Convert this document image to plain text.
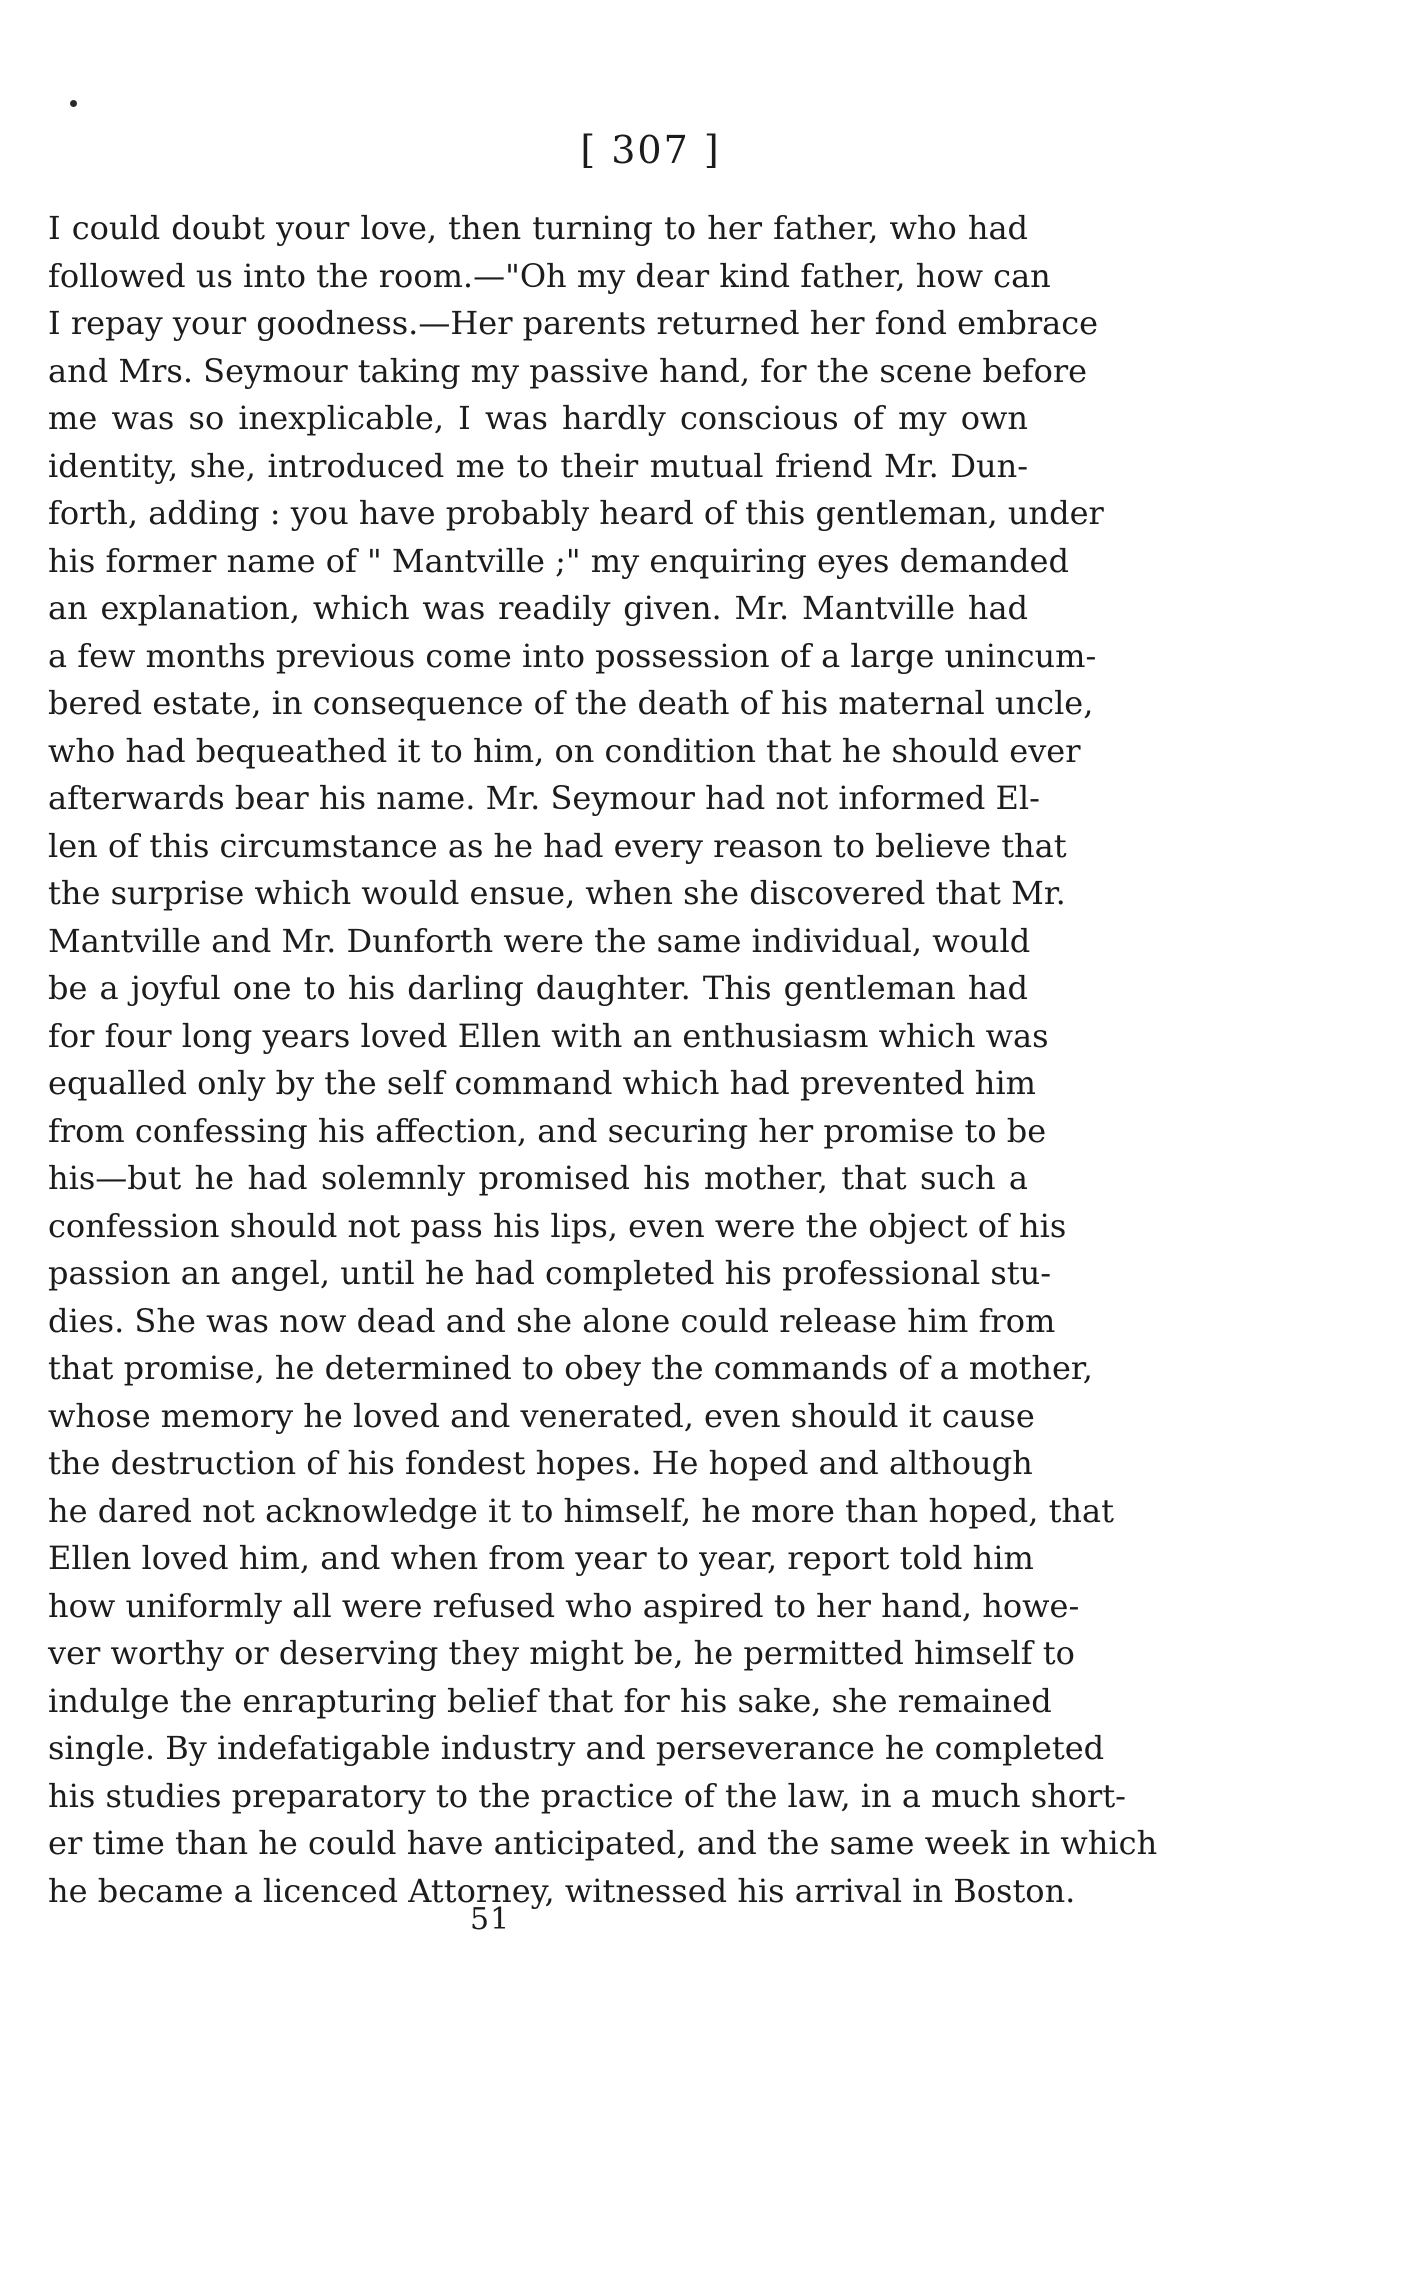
[ 307 ]
I could doubt your love, then turning to her father, who had
followed us into the room.—"Oh my dear kind father, how can
I repay your goodness.—Her parents returned her fond embrace
and Mrs. Seymour taking my passive hand, for the scene before
me was so inexplicable, I was hardly conscious of my own
identity, she, introduced me to their mutual friend Mr. Dun-
forth, adding : you have probably heard of this gentleman, under
his former name of " Mantville ;" my enquiring eyes demanded
an explanation, which was readily given. Mr. Mantville had
a few months previous come into possession of a large unincum-
bered estate, in consequence of the death of his maternal uncle,
who had bequeathed it to him, on condition that he should ever
afterwards bear his name. Mr. Seymour had not informed El-
len of this circumstance as he had every reason to believe that
the surprise which would ensue, when she discovered that Mr.
Mantville and Mr. Dunforth were the same individual, would
be a joyful one to his darling daughter. This gentleman had
for four long years loved Ellen with an enthusiasm which was
equalled only by the self command which had prevented him
from confessing his affection, and securing her promise to be
his—but he had solemnly promised his mother, that such a
confession should not pass his lips, even were the object of his
passion an angel, until he had completed his professional stu-
dies. She was now dead and she alone could release him from
that promise, he determined to obey the commands of a mother,
whose memory he loved and venerated, even should it cause
the destruction of his fondest hopes. He hoped and although
he dared not acknowledge it to himself, he more than hoped, that
Ellen loved him, and when from year to year, report told him
how uniformly all were refused who aspired to her hand, howe-
ver worthy or deserving they might be, he permitted himself to
indulge the enrapturing belief that for his sake, she remained
single. By indefatigable industry and perseverance he completed
his studies preparatory to the practice of the law, in a much short-
er time than he could have anticipated, and the same week in which
he became a licenced Attorney, witnessed his arrival in Boston.
51
